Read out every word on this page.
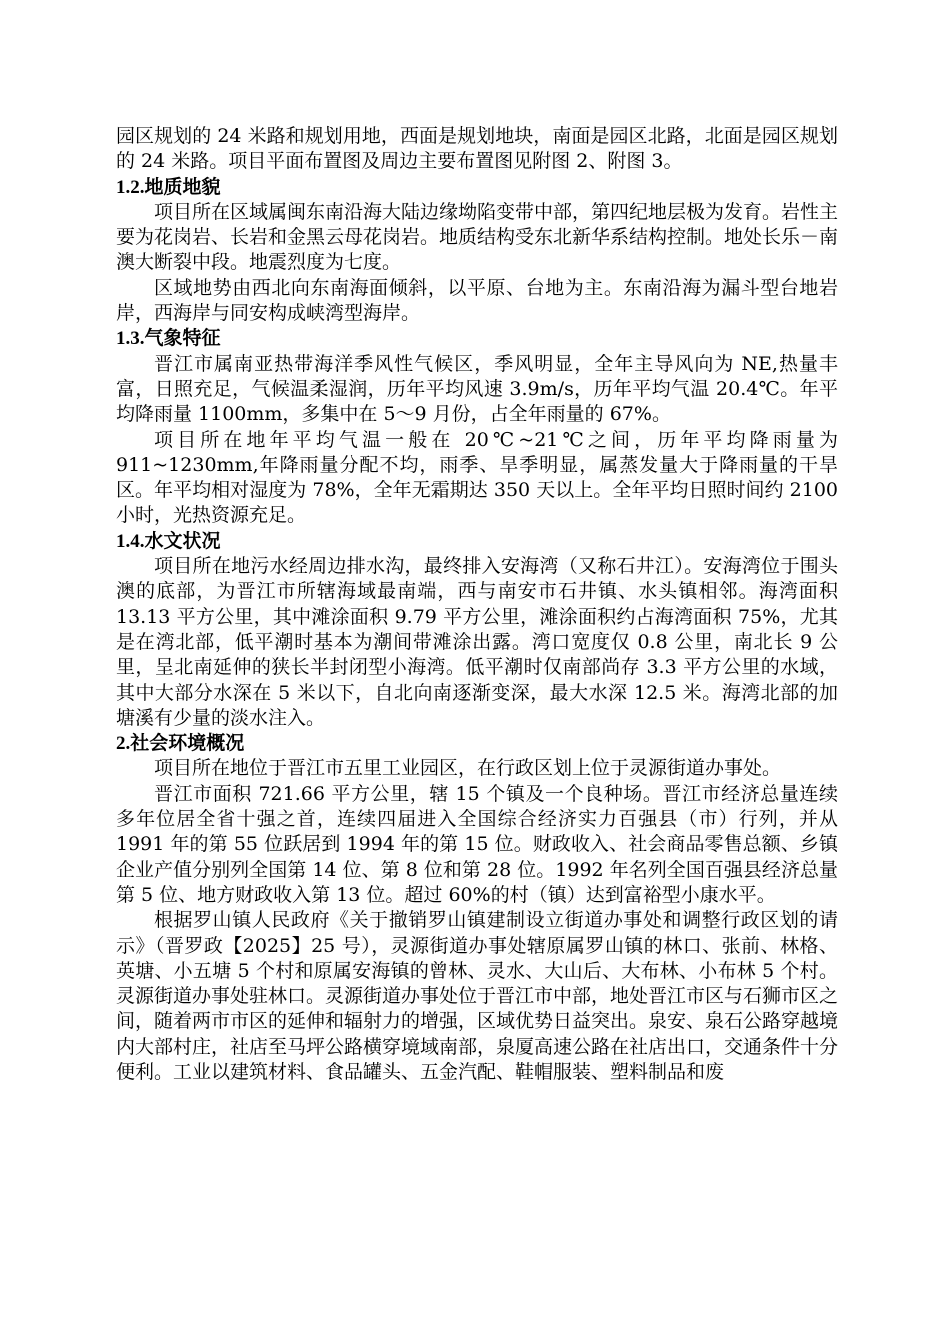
园区规划的 24 米路和规划用地，西面是规划地块，南面是园区北路，北面是园区规划的 24 米路。项目平面布置图及周边主要布置图见附图 2、附图 3。

1.2.地质地貌

项目所在区域属闽东南沿海大陆边缘坳陷变带中部，第四纪地层极为发育。岩性主要为花岗岩、长岩和金黑云母花岗岩。地质结构受东北新华系结构控制。地处长乐－南澳大断裂中段。地震烈度为七度。

区域地势由西北向东南海面倾斜，以平原、台地为主。东南沿海为漏斗型台地岩岸，西海岸与同安构成峡湾型海岸。

1.3.气象特征

晋江市属南亚热带海洋季风性气候区，季风明显，全年主导风向为 NE,热量丰富，日照充足，气候温柔湿润，历年平均风速 3.9m/s，历年平均气温 20.4℃。年平均降雨量 1100mm，多集中在 5～9 月份，占全年雨量的 67%。

项目所在地年平均气温一般在 20℃~21℃之间，历年平均降雨量为 911~1230mm,年降雨量分配不均，雨季、旱季明显，属蒸发量大于降雨量的干旱区。年平均相对湿度为 78%，全年无霜期达 350 天以上。全年平均日照时间约 2100 小时，光热资源充足。

1.4.水文状况

项目所在地污水经周边排水沟，最终排入安海湾（又称石井江）。安海湾位于围头澳的底部，为晋江市所辖海域最南端，西与南安市石井镇、水头镇相邻。海湾面积 13.13 平方公里，其中滩涂面积 9.79 平方公里，滩涂面积约占海湾面积 75%，尤其是在湾北部，低平潮时基本为潮间带滩涂出露。湾口宽度仅 0.8 公里，南北长 9 公里，呈北南延伸的狭长半封闭型小海湾。低平潮时仅南部尚存 3.3 平方公里的水域，其中大部分水深在 5 米以下，自北向南逐渐变深，最大水深 12.5 米。海湾北部的加塘溪有少量的淡水注入。

2.社会环境概况

项目所在地位于晋江市五里工业园区，在行政区划上位于灵源街道办事处。

晋江市面积 721.66 平方公里，辖 15 个镇及一个良种场。晋江市经济总量连续多年位居全省十强之首，连续四届进入全国综合经济实力百强县（市）行列，并从 1991 年的第 55 位跃居到 1994 年的第 15 位。财政收入、社会商品零售总额、乡镇企业产值分别列全国第 14 位、第 8 位和第 28 位。1992 年名列全国百强县经济总量第 5 位、地方财政收入第 13 位。超过 60%的村（镇）达到富裕型小康水平。

根据罗山镇人民政府《关于撤销罗山镇建制设立街道办事处和调整行政区划的请示》（晋罗政【2025】25 号），灵源街道办事处辖原属罗山镇的林口、张前、林格、英塘、小五塘 5 个村和原属安海镇的曾林、灵水、大山后、大布林、小布林 5 个村。灵源街道办事处驻林口。灵源街道办事处位于晋江市中部，地处晋江市区与石狮市区之间，随着两市市区的延伸和辐射力的增强，区域优势日益突出。泉安、泉石公路穿越境内大部村庄，社店至马坪公路横穿境域南部，泉厦高速公路在社店出口，交通条件十分便利。工业以建筑材料、食品罐头、五金汽配、鞋帽服装、塑料制品和废
